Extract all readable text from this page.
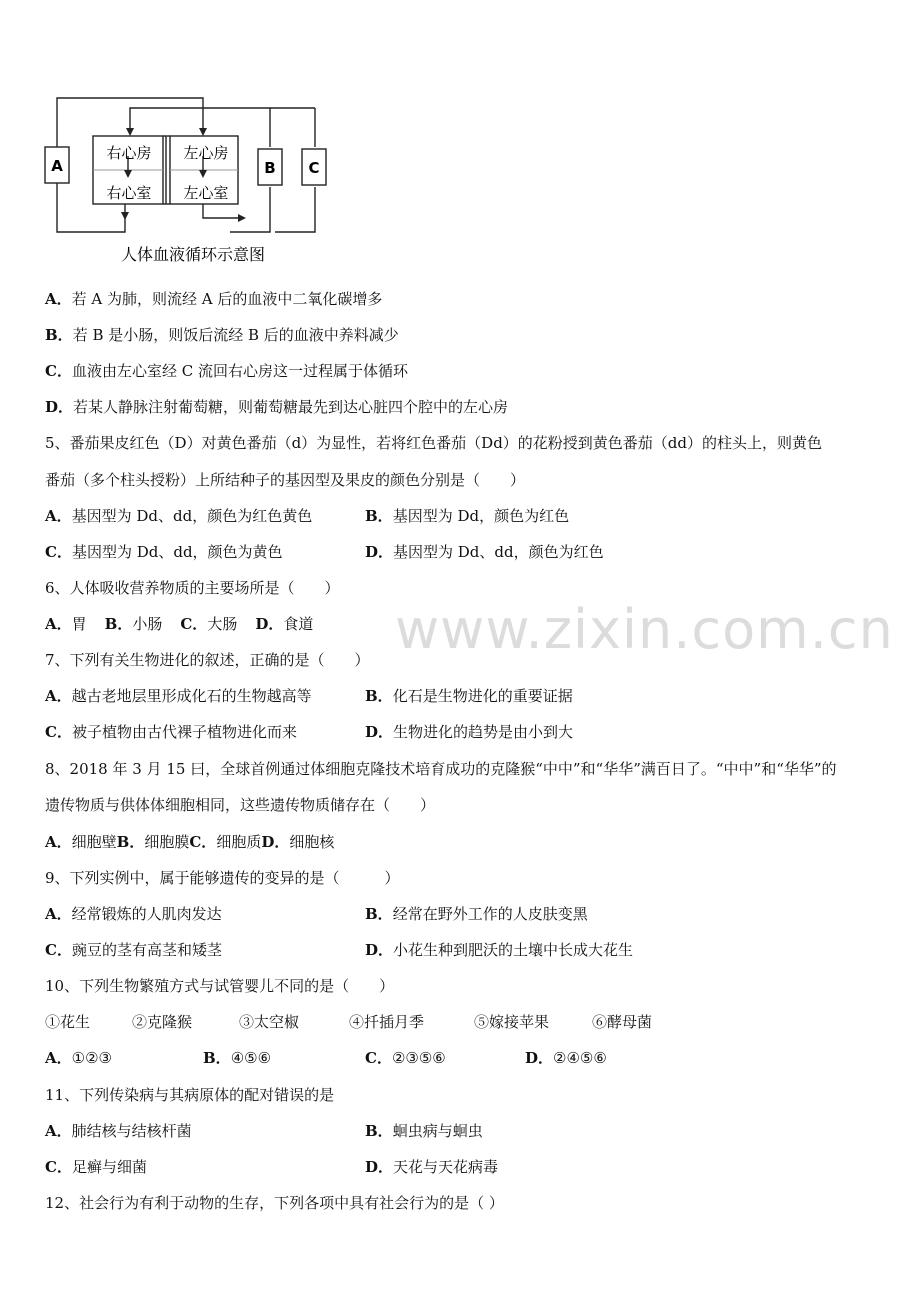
A	B C
右心房 左心房
右心室 左心室
人体血液循环示意图
A．若 A 为肺，则流经 A 后的血液中二氧化碳增多
B．若 B 是小肠，则饭后流经 B 后的血液中养料减少
C．血液由左心室经 C 流回右心房这一过程属于体循环
D．若某人静脉注射葡萄糖，则葡萄糖最先到达心脏四个腔中的左心房
5、番茄果皮红色（D）对黄色番茄（d）为显性，若将红色番茄（Dd）的花粉授到黄色番茄（dd）的柱头上，则黄色
番茄（多个柱头授粉）上所结种子的基因型及果皮的颜色分别是（　　）
A．基因型为 Dd、dd，颜色为红色黄色	B．基因型为 Dd，颜色为红色
C．基因型为 Dd、dd，颜色为黄色	D．基因型为 Dd、dd，颜色为红色
6、人体吸收营养物质的主要场所是（　　）
A．胃 B．小肠 C．大肠 D．食道
7、下列有关生物进化的叙述，正确的是（　　）
A．越古老地层里形成化石的生物越高等	B．化石是生物进化的重要证据
C．被子植物由古代裸子植物进化而来	D．生物进化的趋势是由小到大
8、2018 年 3 月 15 曰，全球首例通过体细胞克隆技术培育成功的克隆猴“中中”和“华华”满百日了。“中中”和“华华”的
遗传物质与供体体细胞相同，这些遗传物质储存在（　　）
A．细胞壁B．细胞膜C．细胞质D．细胞核
9、下列实例中，属于能够遗传的变异的是（　　　）
A．经常锻炼的人肌肉发达	B．经常在野外工作的人皮肤变黑
C．豌豆的茎有高茎和矮茎	D．小花生种到肥沃的土壤中长成大花生
10、下列生物繁殖方式与试管婴儿不同的是（　　）
①花生	②克隆猴	③太空椒	④扦插月季	⑤嫁接苹果	⑥酵母菌
A．①②③	B．④⑤⑥	C．②③⑤⑥	D．②④⑤⑥
11、下列传染病与其病原体的配对错误的是
A．肺结核与结核杆菌	B．蛔虫病与蛔虫
C．足癣与细菌	D．天花与天花病毒
12、社会行为有利于动物的生存，下列各项中具有社会行为的是（ ）
www.zixin.com.cn
